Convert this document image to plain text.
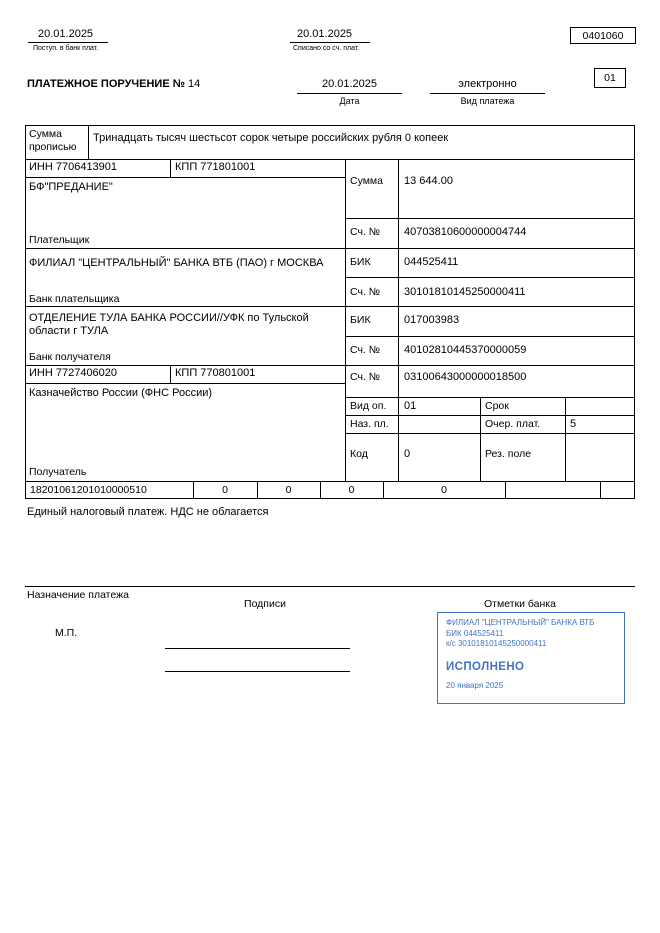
20.01.2025
Поступ. в банк плат.
20.01.2025
Списано со сч. плат.
0401060
ПЛАТЕЖНОЕ ПОРУЧЕНИЕ № 14	20.01.2025
Дата
электронно
Вид платежа
01
Сумма прописью
Тринадцать тысяч шестьсот сорок четыре российских рубля 0 копеек
ИНН 7706413901	КПП 771801001
БФ"ПРЕДАНИЕ"
Плательщик
Сумма 13 644.00
Сч. № 40703810600000004744
ФИЛИАЛ "ЦЕНТРАЛЬНЫЙ" БАНКА ВТБ (ПАО) г МОСКВА
Банк плательщика
БИК	044525411
Сч. № 30101810145250000411
ОТДЕЛЕНИЕ ТУЛА БАНКА РОССИИ//УФК по Тульской области г ТУЛА
Банк получателя
БИК	017003983
Сч. № 40102810445370000059
ИНН 7727406020	КПП 770801001
Казначейство России (ФНС России)
Получатель
Сч. № 03100643000000018500
Вид оп. 01	Срок
Наз. пл.	Очер. плат.	5
Код	0	Рез. поле
18201061201010000510	0	0	0	0
Единый налоговый платеж. НДС не облагается
Назначение платежа
Подписи	Отметки банка
М.П.
ФИЛИАЛ "ЦЕНТРАЛЬНЫЙ" БАНКА ВТБ
БИК 044525411
к/с 30101810145250000411
ИСПОЛНЕНО
20 января 2025
